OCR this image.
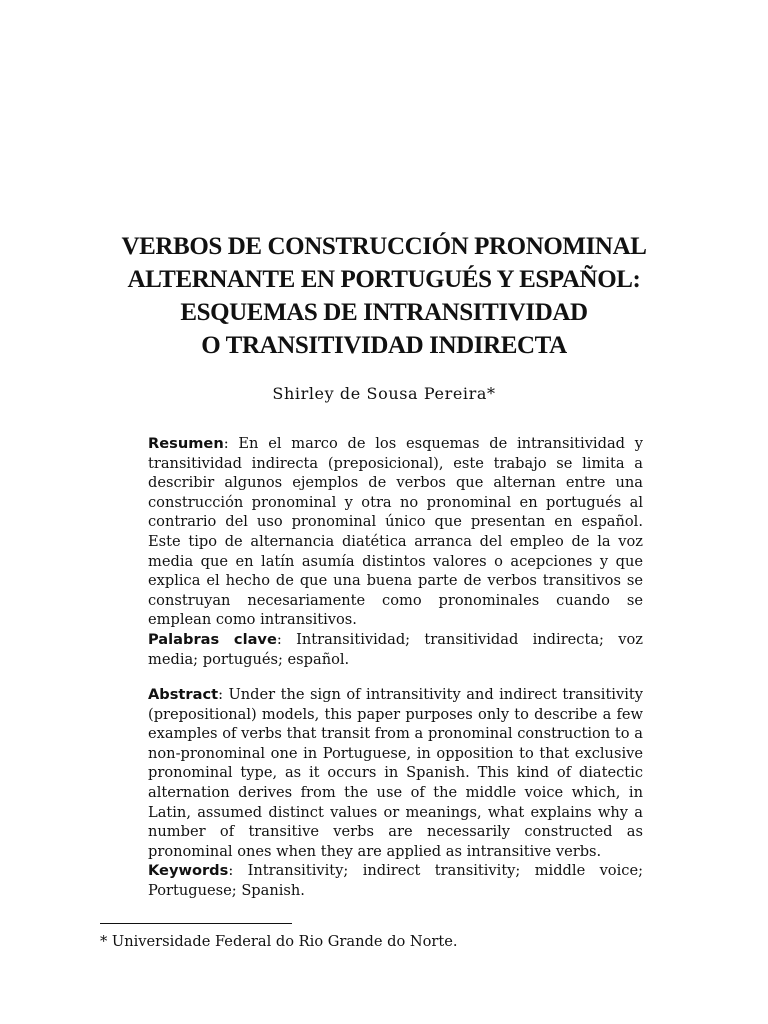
VERBOS DE CONSTRUCCIÓN PRONOMINAL
ALTERNANTE EN PORTUGUÉS Y ESPAÑOL:
ESQUEMAS DE INTRANSITIVIDAD
O TRANSITIVIDAD INDIRECTA
Shirley de Sousa Pereira*
Resumen: En el marco de los esquemas de intransitividad y transitividad indirecta (preposicional), este trabajo se limita a describir algunos ejemplos de verbos que alternan entre una construcción pronominal y otra no pronominal en portugués al contrario del uso pronominal único que presentan en español. Este tipo de alternancia diatética arranca del empleo de la voz media que en latín asumía distintos valores o acepciones y que explica el hecho de que una buena parte de verbos transitivos se construyan necesariamente como pronominales cuando se emplean como intransitivos.
Palabras clave: Intransitividad; transitividad indirecta; voz media; portugués; español.
Abstract: Under the sign of intransitivity and indirect transitivity (prepositional) models, this paper purposes only to describe a few examples of verbs that transit from a pronominal construction to a non-pronominal one in Portuguese, in opposition to that exclusive pronominal type, as it occurs in Spanish. This kind of diatectic alternation derives from the use of the middle voice which, in Latin, assumed distinct values or meanings, what explains why a number of transitive verbs are necessarily constructed as pronominal ones when they are applied as intransitive verbs.
Keywords: Intransitivity; indirect transitivity; middle voice; Portuguese; Spanish.
* Universidade Federal do Rio Grande do Norte.
